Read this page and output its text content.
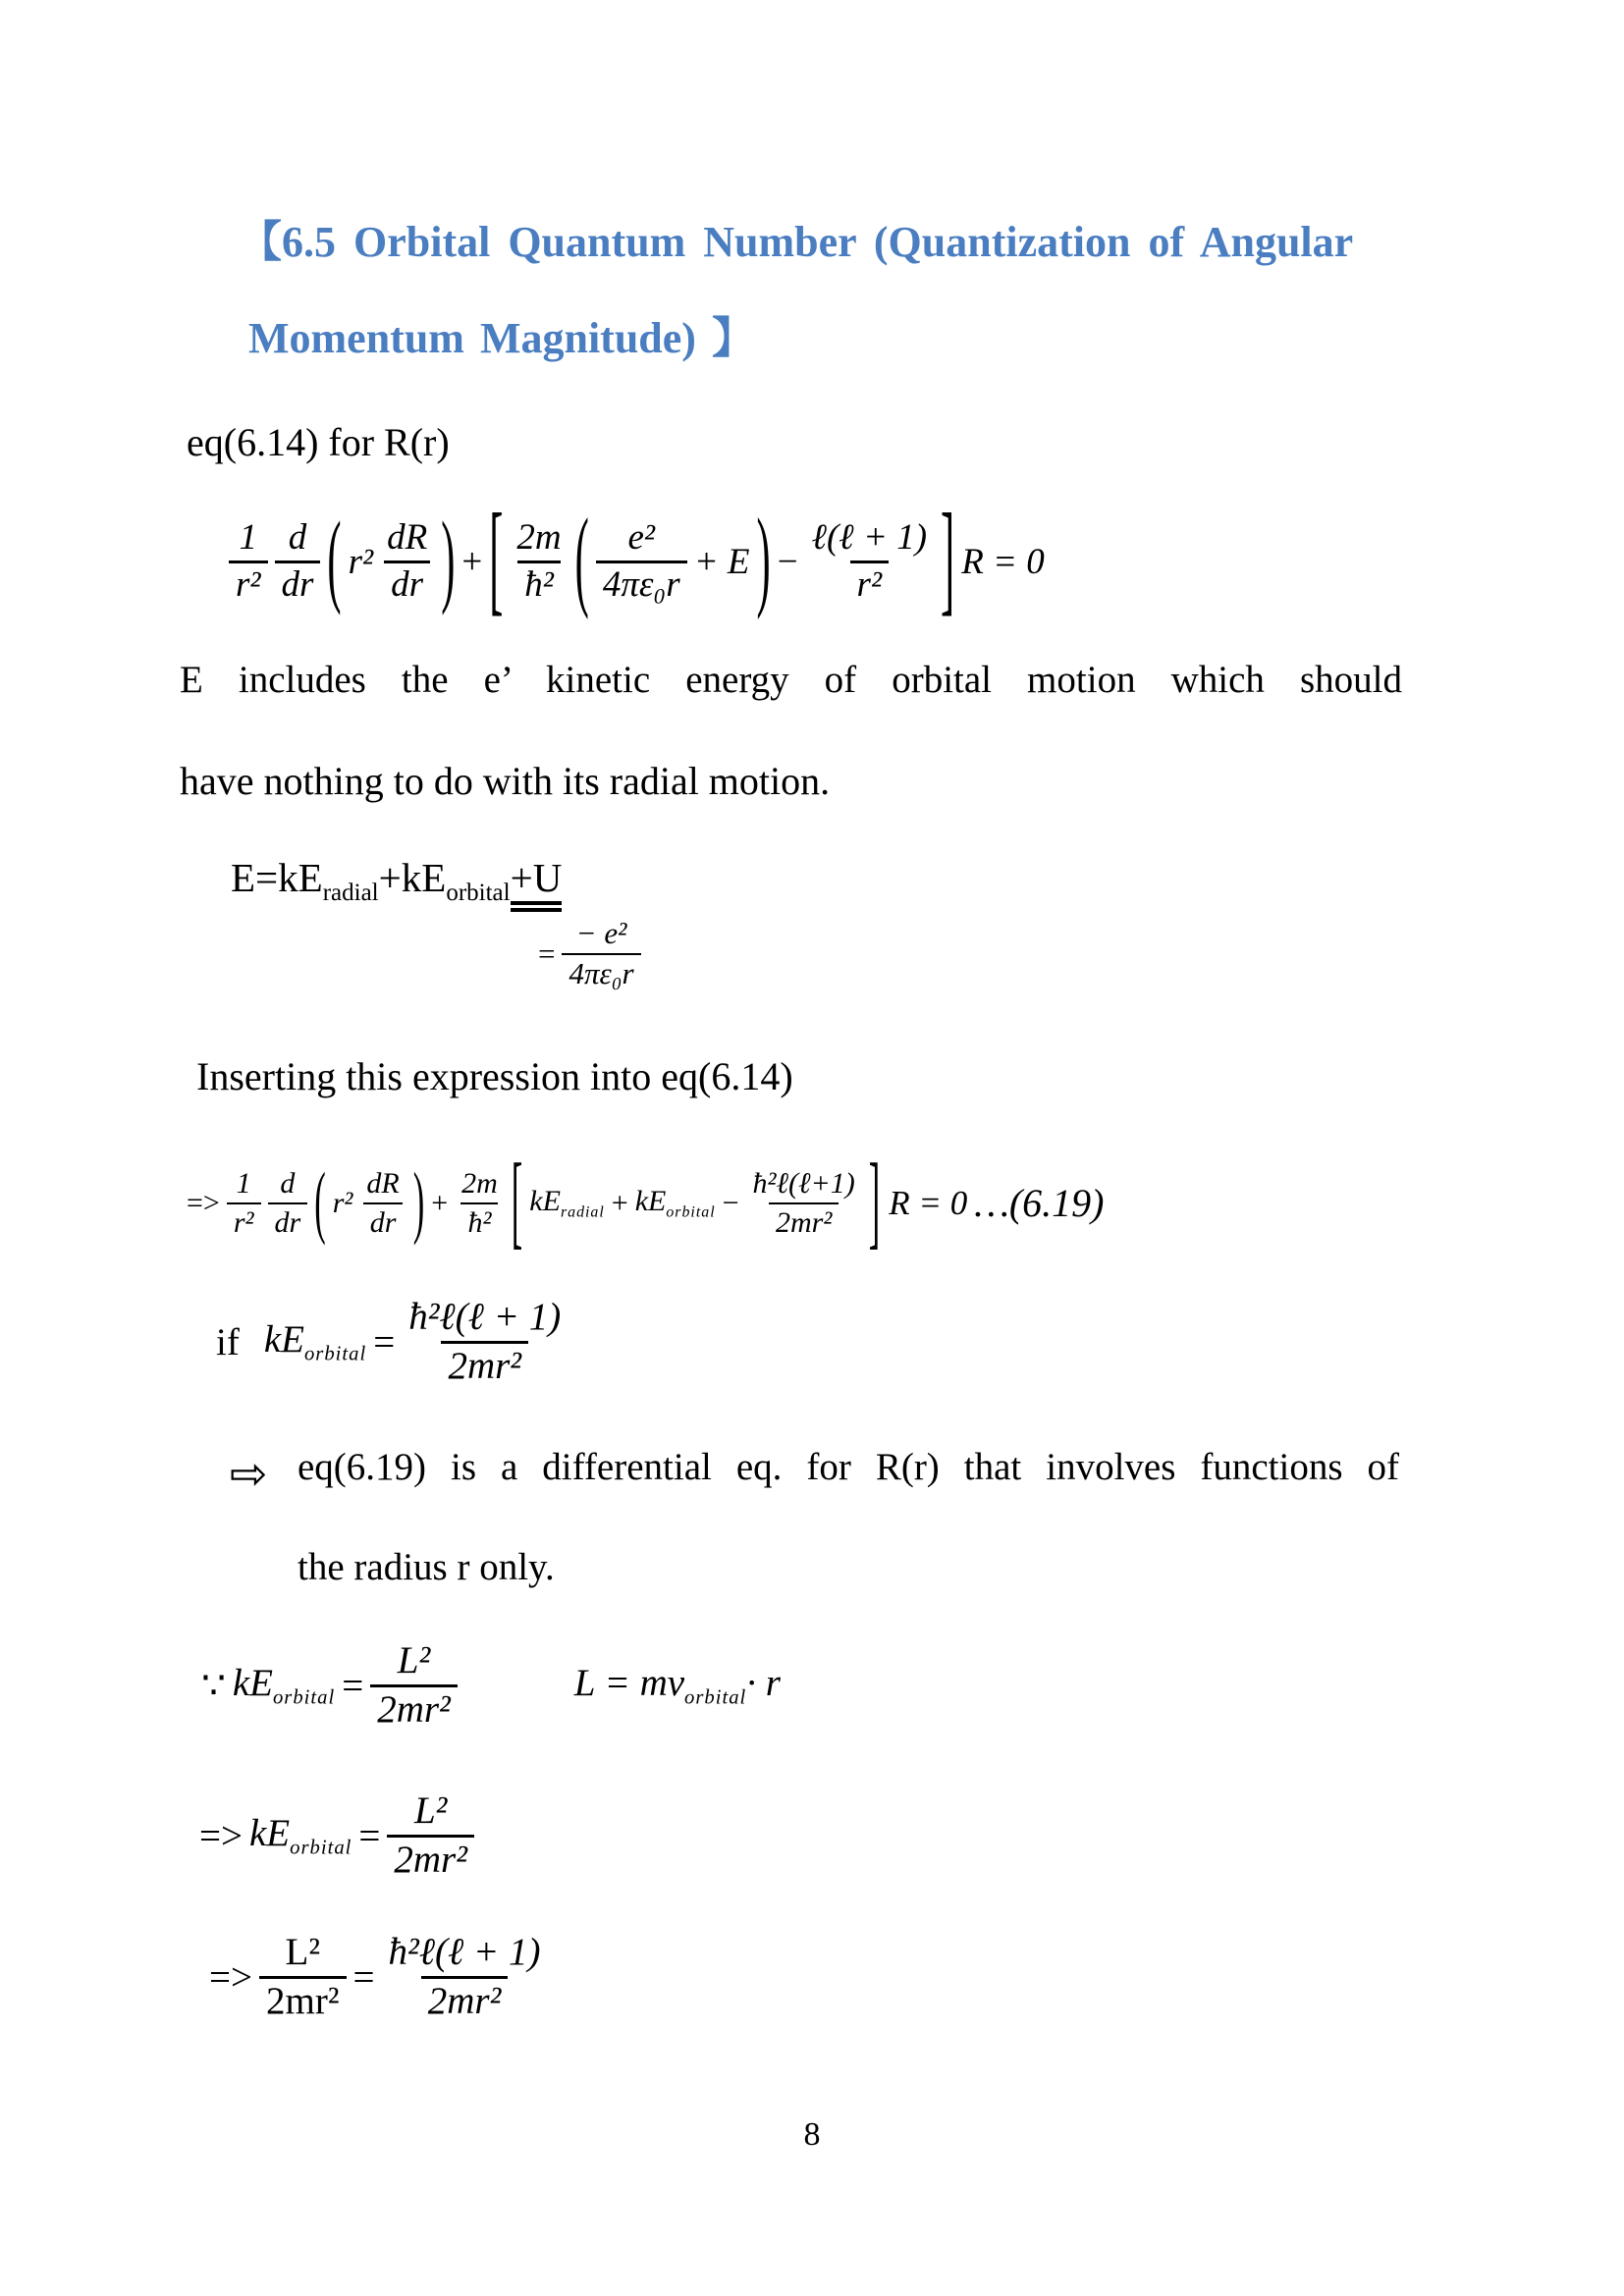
【6.5 Orbital Quantum Number (Quantization of Angular
Momentum Magnitude) 】
eq(6.14) for R(r)
$\frac{1}{\text{r²}} \frac{d}{dr}$ ( $r^2 \frac{dR}{dr}$ ) + [ $\frac{2m}{\text{ħ²}}$ ( $\frac{\text{e²}}{\text{4πε₀r}} + E$ ) − $\frac{\text{ℓ(ℓ + 1)}}{\text{r²}}$ ] R = 0
E includes the e’ kinetic energy of orbital motion which should
have nothing to do with its radial motion.
$E=kE_{radial}+kE_{orbital}+U$
= $\frac{\text{− e²}}{\text{4πε₀r}}$
Inserting this expression into eq(6.14)
=> $\frac{1}{\text{r²}} \frac{d}{dr}$ ( $r^2 \frac{dR}{dr}$ ) + $\frac{2m}{\text{ħ²}}$ [ $kE_{radial} + kE_{orbital} - \frac{\text{ħ²ℓ(ℓ+1)}}{\text{2mr²}}$ ] R = 0 …(6.19)
if $kE_{orbital} = \frac{\text{ħ²ℓ(ℓ + 1)}}{\text{2mr²}}$
⇨ eq(6.19) is a differential eq. for R(r) that involves functions of
the radius r only.
∵ $kE_{orbital} = \frac{\text{L²}}{\text{2mr²}}$	$L = mv_{orbital}\cdot r$
=> $kE_{orbital} = \frac{\text{L²}}{\text{2mr²}}$
=> $\frac{\text{L²}}{\text{2mr²}} = \frac{\text{ħ²ℓ(ℓ + 1)}}{\text{2mr²}}$
8
